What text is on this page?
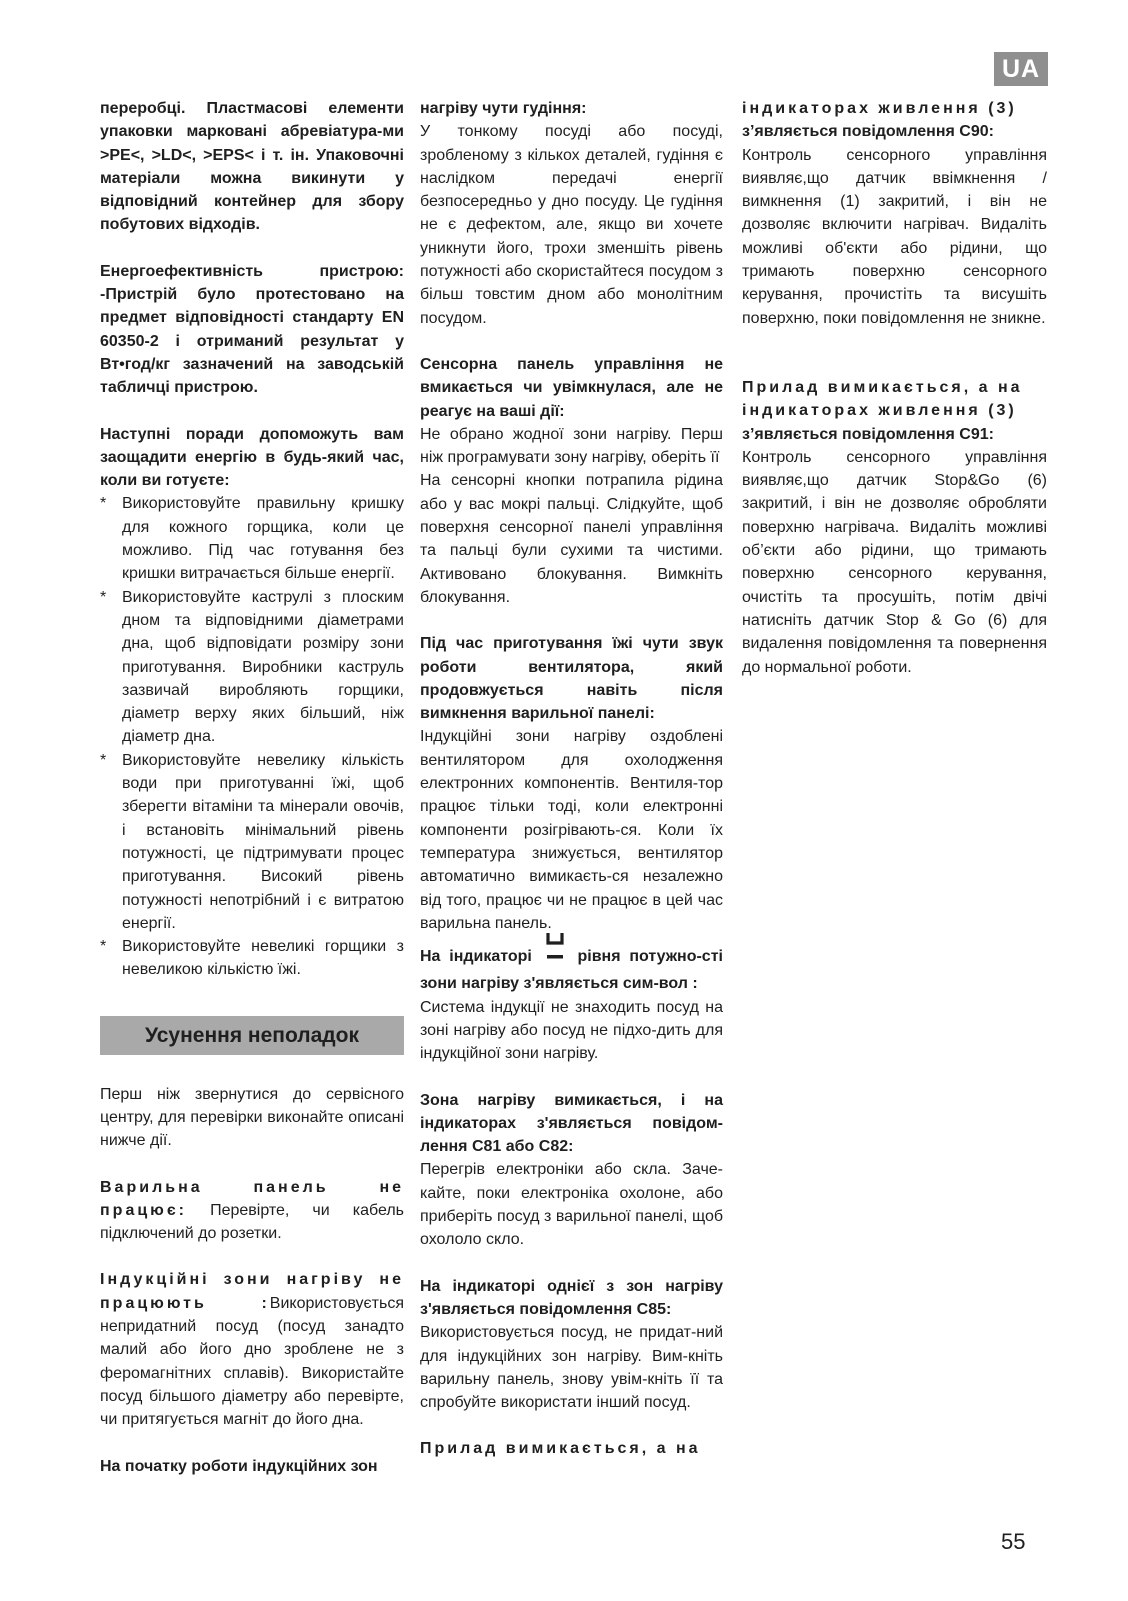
UA

переробці. Пластмасові елементи упаковки марковані абревіатура-ми >PE<, >LD<, >EPS< і т. ін. Упаковочні матеріали можна викинути у відповідний контейнер для збору побутових відходів.

Енергоефективність пристрою: -Пристрій було протестовано на предмет відповідності стандарту EN 60350-2 і отриманий результат у Вт•год/кг зазначений на заводській табличці пристрою.

Наступні поради допоможуть вам заощадити енергію в будь-який час, коли ви готуєте:

* Використовуйте правильну кришку для кожного горщика, коли це можливо. Під час готування без кришки витрачається більше енергії.
* Використовуйте каструлі з плоским дном та відповідними діаметрами дна, щоб відповідати розміру зони приготування. Виробники каструль зазвичай виробляють горщики, діаметр верху яких більший, ніж діаметр дна.
* Використовуйте невелику кількість води при приготуванні їжі, щоб зберегти вітаміни та мінерали овочів, і встановіть мінімальний рівень потужності, це підтримувати процес приготування. Високий рівень потужності непотрібний і є витратою енергії.
* Використовуйте невеликі горщики з невеликою кількістю їжі.
Усунення неполадок

Перш ніж звернутися до сервісного центру, для перевірки виконайте описані нижче дії.

Варильна панель не працює: Перевірте, чи кабель підключений до розетки.

Індукційні зони нагріву не працюють :Використовується непридатний посуд (посуд занадто малий або його дно зроблене не з феромагнітних сплавів). Використайте посуд більшого діаметру або перевірте, чи притягується магніт до його дна.

На початку роботи індукційних зон

нагріву чути гудіння:

У тонкому посуді або посуді, зробленому з кількох деталей, гудіння є наслідком передачі енергії безпосередньо у дно посуду. Це гудіння не є дефектом, але, якщо ви хочете уникнути його, трохи зменшіть рівень потужності або скористайтеся посудом з більш товстим дном або монолітним посудом.

Сенсорна панель управління не вмикається чи увімкнулася, але не реагує на ваші дії:

Не обрано жодної зони нагріву. Перш ніж програмувати зону нагріву, оберіть її

На сенсорні кнопки потрапила рідина або у вас мокрі пальці. Слідкуйте, щоб поверхня сенсорної панелі управління та пальці були сухими та чистими. Активовано блокування. Вимкніть блокування.

Під час приготування їжі чути звук роботи вентилятора, який продовжується навіть після вимкнення варильної панелі:

Індукційні зони нагріву оздоблені вентилятором для охолодження електронних компонентів. Вентиля-тор працює тільки тоді, коли електронні компоненти розігрівають-ся. Коли їх температура знижується, вентилятор автоматично вимикаєть-ся незалежно від того, працює чи не працює в цей час варильна панель.

На індикаторі	рівня потужно-сті зони нагріву з'являється сим-вол :

Система індукції не знаходить посуд на зоні нагріву або посуд не підхо-дить для індукційної зони нагріву.

Зона нагріву вимикається, і на індикаторах з'являється повідом-лення C81 або C82:

Перегрів електроніки або скла. Заче-кайте, поки електроніка охолоне, або приберіть посуд з варильної панелі, щоб охололо скло.

На індикаторі однієї з зон нагріву з'являється повідомлення C85:

Використовується посуд, не придат-ний для індукційних зон нагріву. Вим-кніть варильну панель, знову увім-кніть її та спробуйте використати інший посуд.

Прилад вимикається, а на

індикаторах живлення (3)

з’являється повідомлення C90:

Контроль сенсорного управління виявляє,що датчик ввімкнення / вимкнення (1) закритий, і він не дозволяє включити нагрівач. Видаліть можливі об'єкти або рідини, що тримають поверхню сенсорного керування, прочистіть та висушіть поверхню, поки повідомлення не зникне.

Прилад вимикається, а на

індикаторах живлення (3)

з’являється повідомлення C91:

Контроль сенсорного управління виявляє,що датчик Stop&Go (6) закритий, і він не дозволяє обробляти поверхню нагрівача. Видаліть можливі об’єкти або рідини, що тримають поверхню сенсорного керування, очистіть та просушіть, потім двічі натисніть датчик Stop & Go (6) для видалення повідомлення та повернення до нормальної роботи.

55
